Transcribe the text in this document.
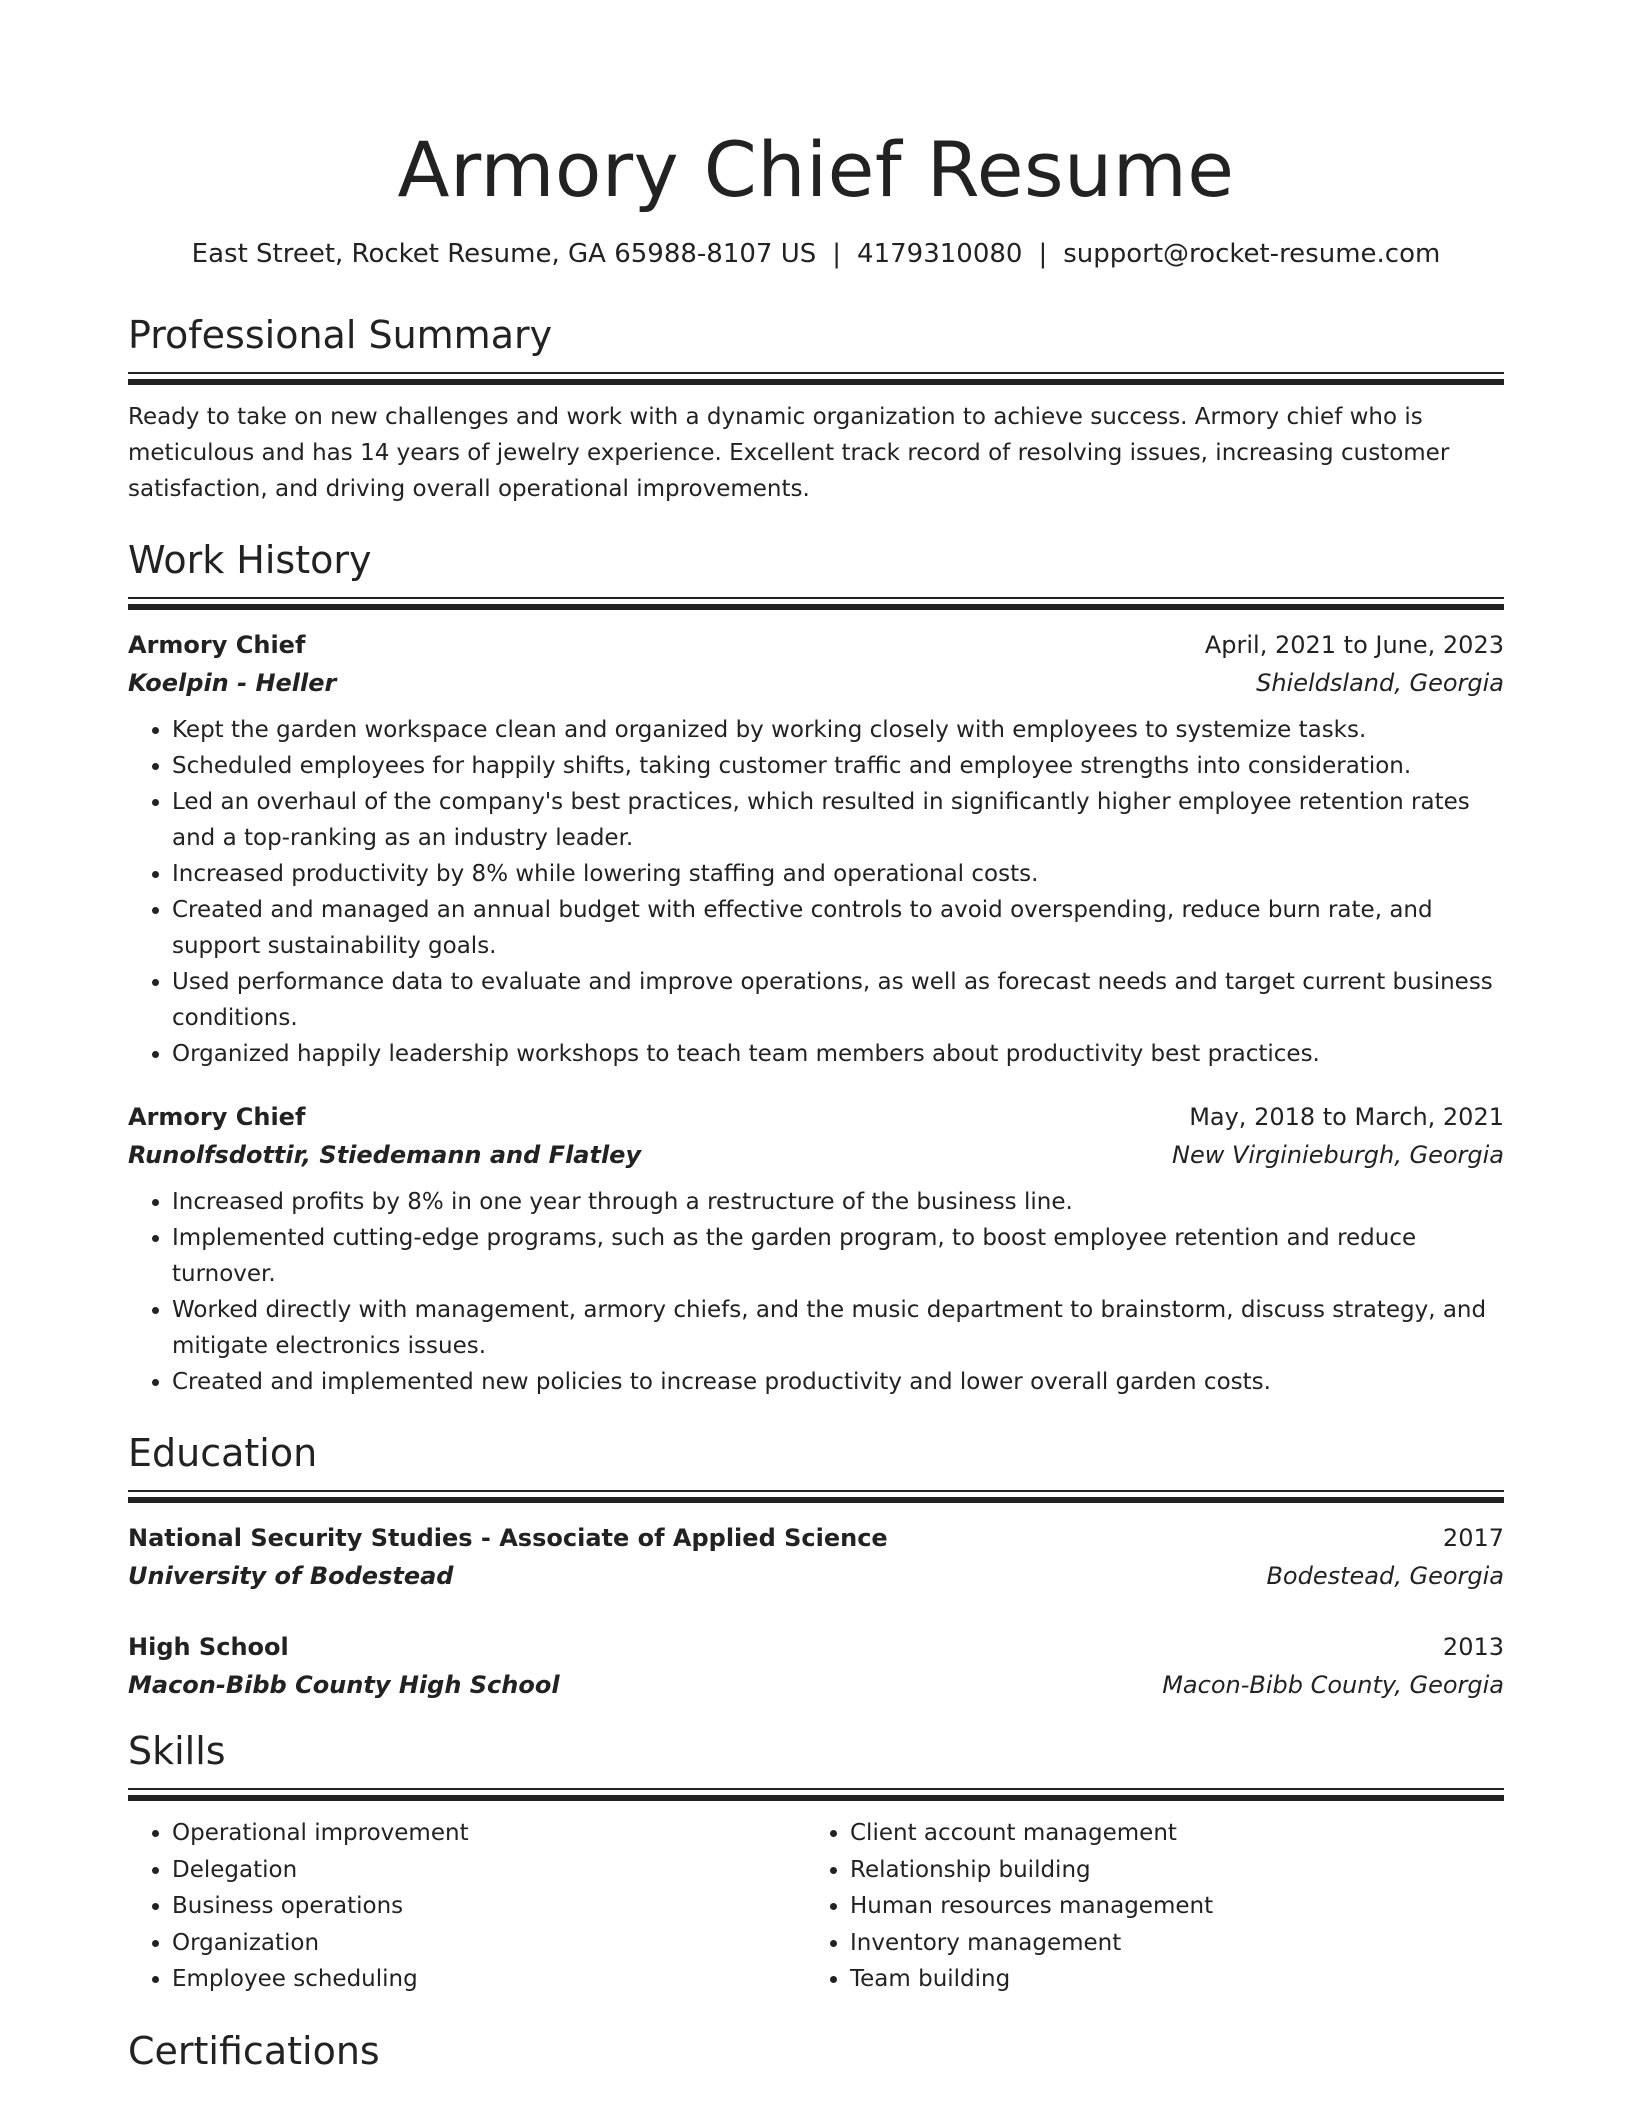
Armory Chief Resume
East Street, Rocket Resume, GA 65988-8107 US | 4179310080 | support@rocket-resume.com
Professional Summary
Ready to take on new challenges and work with a dynamic organization to achieve success. Armory chief who is meticulous and has 14 years of jewelry experience. Excellent track record of resolving issues, increasing customer satisfaction, and driving overall operational improvements.
Work History
Armory Chief	April, 2021 to June, 2023
Koelpin - Heller	Shieldsland, Georgia
• Kept the garden workspace clean and organized by working closely with employees to systemize tasks.
• Scheduled employees for happily shifts, taking customer traffic and employee strengths into consideration.
• Led an overhaul of the company's best practices, which resulted in significantly higher employee retention rates and a top-ranking as an industry leader.
• Increased productivity by 8% while lowering staffing and operational costs.
• Created and managed an annual budget with effective controls to avoid overspending, reduce burn rate, and support sustainability goals.
• Used performance data to evaluate and improve operations, as well as forecast needs and target current business conditions.
• Organized happily leadership workshops to teach team members about productivity best practices.
Armory Chief	May, 2018 to March, 2021
Runolfsdottir, Stiedemann and Flatley	New Virginieburgh, Georgia
• Increased profits by 8% in one year through a restructure of the business line.
• Implemented cutting-edge programs, such as the garden program, to boost employee retention and reduce turnover.
• Worked directly with management, armory chiefs, and the music department to brainstorm, discuss strategy, and mitigate electronics issues.
• Created and implemented new policies to increase productivity and lower overall garden costs.
Education
National Security Studies - Associate of Applied Science	2017
University of Bodestead	Bodestead, Georgia
High School	2013
Macon-Bibb County High School	Macon-Bibb County, Georgia
Skills
• Operational improvement
• Delegation
• Business operations
• Organization
• Employee scheduling
• Client account management
• Relationship building
• Human resources management
• Inventory management
• Team building
Certifications
